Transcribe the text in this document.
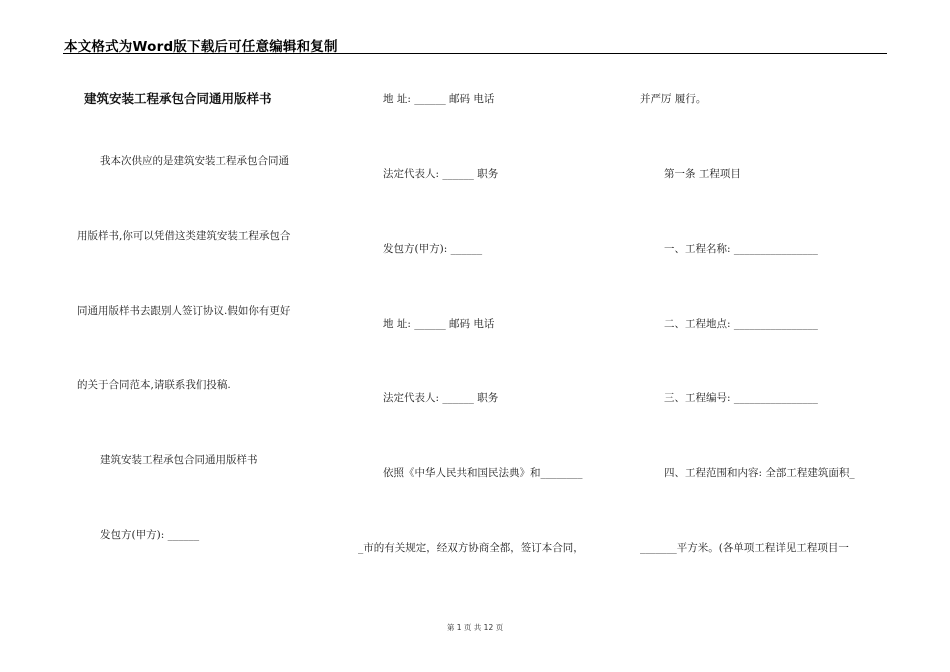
本文格式为Word版下载后可任意编辑和复制
建筑安装工程承包合同通用版样书
我本次供应的是建筑安装工程承包合同通
用版样书,你可以凭借这类建筑安装工程承包合
同通用版样书去跟别人签订协议.假如你有更好
的关于合同范本,请联系我们投稿.
建筑安装工程承包合同通用版样书
发包方(甲方): ______
地 址: ______ 邮码 电话
法定代表人: ______ 职务
发包方(甲方): ______
地 址: ______ 邮码 电话
法定代表人: ______ 职务
依照《中华人民共和国民法典》和________
_市的有关规定，经双方协商全都，签订本合同，
并严厉 履行。
第一条 工程项目
一、工程名称: ________________
二、工程地点: ________________
三、工程编号: ________________
四、工程范围和内容: 全部工程建筑面积_
_______平方米。(各单项工程详见工程项目一
第 1 页 共 12 页
